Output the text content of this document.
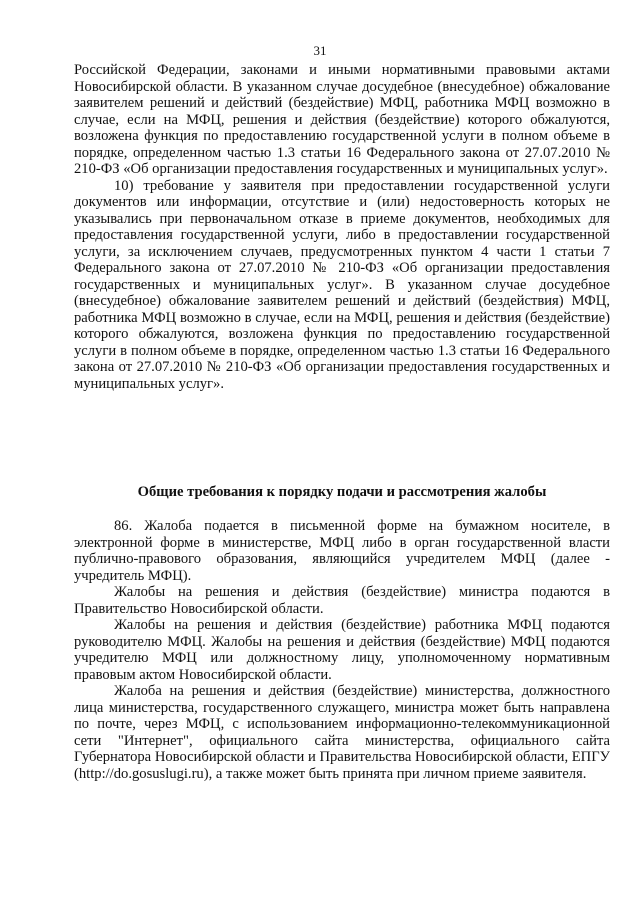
31

Российской Федерации, законами и иными нормативными правовыми актами Новосибирской области. В указанном случае досудебное (внесудебное) обжалование заявителем решений и действий (бездействие) МФЦ, работника МФЦ возможно в случае, если на МФЦ, решения и действия (бездействие) которого обжалуются, возложена функция по предоставлению государственной услуги в полном объеме в порядке, определенном частью 1.3 статьи 16 Федерального закона от 27.07.2010 № 210-ФЗ «Об организации предоставления государственных и муниципальных услуг».

10) требование у заявителя при предоставлении государственной услуги документов или информации, отсутствие и (или) недостоверность которых не указывались при первоначальном отказе в приеме документов, необходимых для предоставления государственной услуги, либо в предоставлении государственной услуги, за исключением случаев, предусмотренных пунктом 4 части 1 статьи 7 Федерального закона от 27.07.2010 № 210-ФЗ «Об организации предоставления государственных и муниципальных услуг». В указанном случае досудебное (внесудебное) обжалование заявителем решений и действий (бездействия) МФЦ, работника МФЦ возможно в случае, если на МФЦ, решения и действия (бездействие) которого обжалуются, возложена функция по предоставлению государственной услуги в полном объеме в порядке, определенном частью 1.3 статьи 16 Федерального закона от 27.07.2010 № 210-ФЗ «Об организации предоставления государственных и муниципальных услуг».

Общие требования к порядку подачи и рассмотрения жалобы

86. Жалоба подается в письменной форме на бумажном носителе, в электронной форме в министерстве, МФЦ либо в орган государственной власти публично-правового образования, являющийся учредителем МФЦ (далее - учредитель МФЦ).

Жалобы на решения и действия (бездействие) министра подаются в Правительство Новосибирской области.

Жалобы на решения и действия (бездействие) работника МФЦ подаются руководителю МФЦ. Жалобы на решения и действия (бездействие) МФЦ подаются учредителю МФЦ или должностному лицу, уполномоченному нормативным правовым актом Новосибирской области.

Жалоба на решения и действия (бездействие) министерства, должностного лица министерства, государственного служащего, министра может быть направлена по почте, через МФЦ, с использованием информационно-телекоммуникационной сети "Интернет", официального сайта министерства, официального сайта Губернатора Новосибирской области и Правительства Новосибирской области, ЕПГУ (http://do.gosuslugi.ru), а также может быть принята при личном приеме заявителя.
